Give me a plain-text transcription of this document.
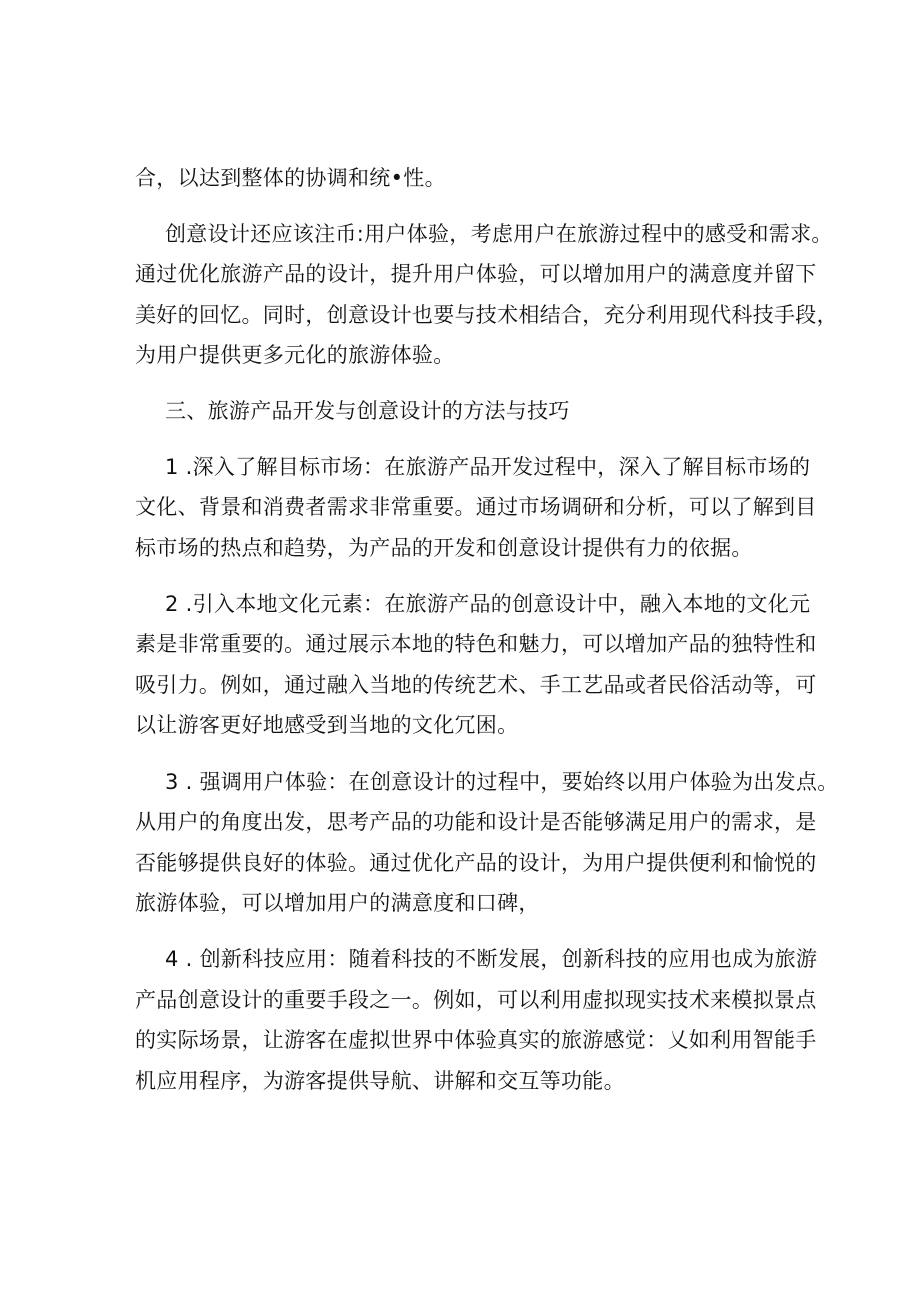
合，以达到整体的协调和统•性。
创意设计还应该注币:用户体验，考虑用户在旅游过程中的感受和需求。
通过优化旅游产品的设计，提升用户体验，可以增加用户的满意度并留下
美好的回忆。同时，创意设计也要与技术相结合，充分利用现代科技手段，
为用户提供更多元化的旅游体验。
三、旅游产品开发与创意设计的方法与技巧
1 .深入了解目标市场：在旅游产品开发过程中，深入了解目标市场的
文化、背景和消费者需求非常重要。通过市场调研和分析，可以了解到目
标市场的热点和趋势，为产品的开发和创意设计提供有力的依据。
2 .引入本地文化元素：在旅游产品的创意设计中，融入本地的文化元
素是非常重要的。通过展示本地的特色和魅力，可以增加产品的独特性和
吸引力。例如，通过融入当地的传统艺术、手工艺品或者民俗活动等，可
以让游客更好地感受到当地的文化冗困。
3 . 强调用户体验：在创意设计的过程中，要始终以用户体验为出发点。
从用户的角度出发，思考产品的功能和设计是否能够满足用户的需求，是
否能够提供良好的体验。通过优化产品的设计，为用户提供便利和愉悦的
旅游体验，可以增加用户的满意度和口碑，
4 . 创新科技应用：随着科技的不断发展，创新科技的应用也成为旅游
产品创意设计的重要手段之一。例如，可以利用虚拟现实技术来模拟景点
的实际场景，让游客在虚拟世界中体验真实的旅游感觉：乂如利用智能手
机应用程序，为游客提供导航、讲解和交互等功能。
